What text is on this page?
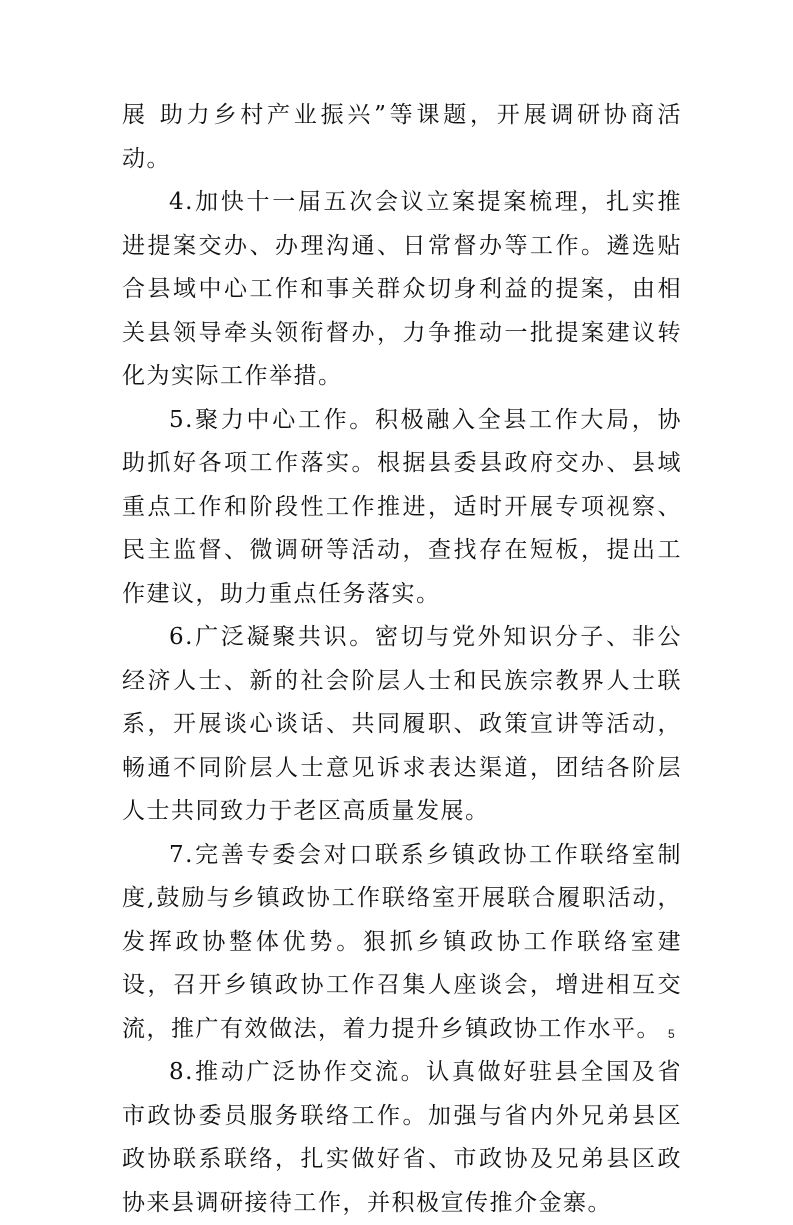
展 助力乡村产业振兴”等课题，开展调研协商活动。

4.加快十一届五次会议立案提案梳理，扎实推进提案交办、办理沟通、日常督办等工作。遴选贴合县域中心工作和事关群众切身利益的提案，由相关县领导牵头领衔督办，力争推动一批提案建议转化为实际工作举措。

5.聚力中心工作。积极融入全县工作大局，协助抓好各项工作落实。根据县委县政府交办、县域重点工作和阶段性工作推进，适时开展专项视察、民主监督、微调研等活动，查找存在短板，提出工作建议，助力重点任务落实。

6.广泛凝聚共识。密切与党外知识分子、非公经济人士、新的社会阶层人士和民族宗教界人士联系，开展谈心谈话、共同履职、政策宣讲等活动，畅通不同阶层人士意见诉求表达渠道，团结各阶层人士共同致力于老区高质量发展。

7.完善专委会对口联系乡镇政协工作联络室制度,鼓励与乡镇政协工作联络室开展联合履职活动，发挥政协整体优势。狠抓乡镇政协工作联络室建设，召开乡镇政协工作召集人座谈会，增进相互交流，推广有效做法，着力提升乡镇政协工作水平。

8.推动广泛协作交流。认真做好驻县全国及省市政协委员服务联络工作。加强与省内外兄弟县区政协联系联络，扎实做好省、市政协及兄弟县区政协来县调研接待工作，并积极宣传推介金寨。

5
